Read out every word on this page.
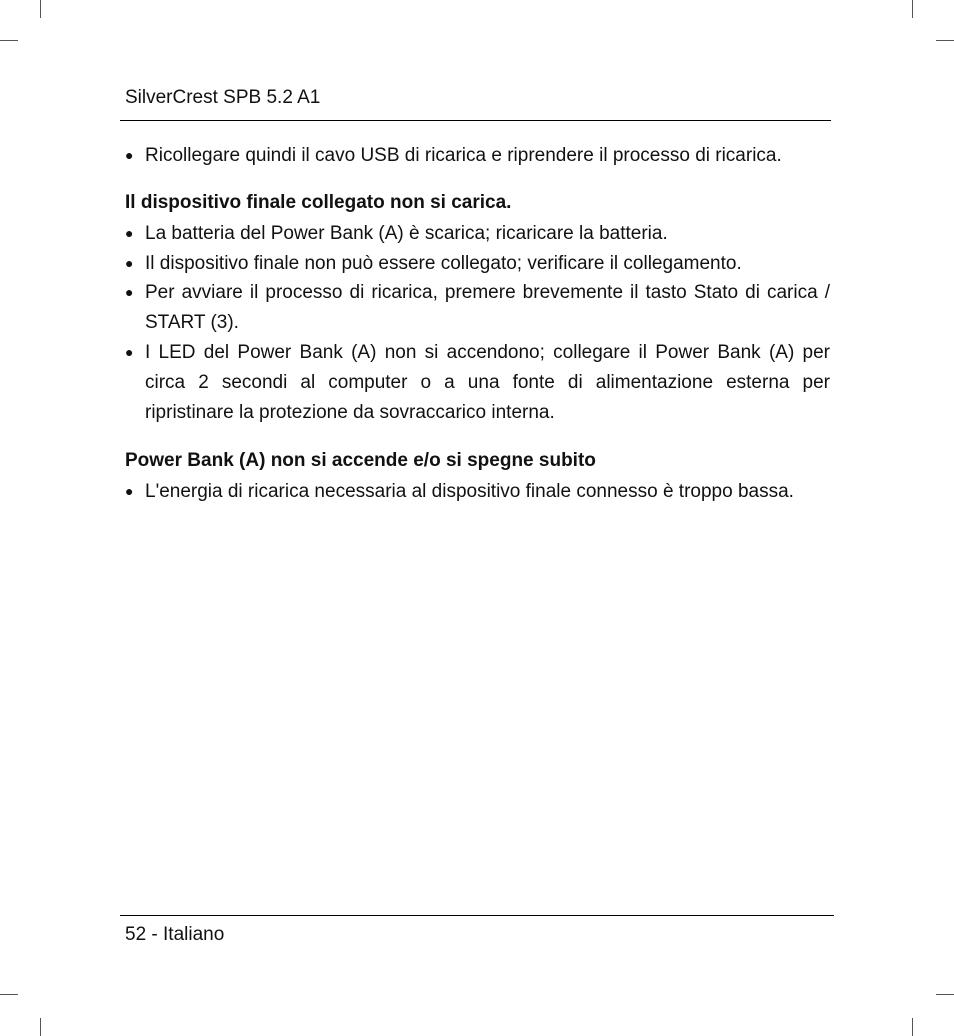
SilverCrest SPB 5.2 A1
● Ricollegare quindi il cavo USB di ricarica e riprendere il processo di ricarica.
Il dispositivo finale collegato non si carica.
● La batteria del Power Bank (A) è scarica; ricaricare la batteria.
● Il dispositivo finale non può essere collegato; verificare il collegamento.
● Per avviare il processo di ricarica, premere brevemente il tasto Stato di carica / START (3).
● I LED del Power Bank (A) non si accendono; collegare il Power Bank (A) per circa 2 secondi al computer o a una fonte di alimentazione esterna per ripristinare la protezione da sovraccarico interna.
Power Bank (A) non si accende e/o si spegne subito
● L'energia di ricarica necessaria al dispositivo finale connesso è troppo bassa.
52 - Italiano
